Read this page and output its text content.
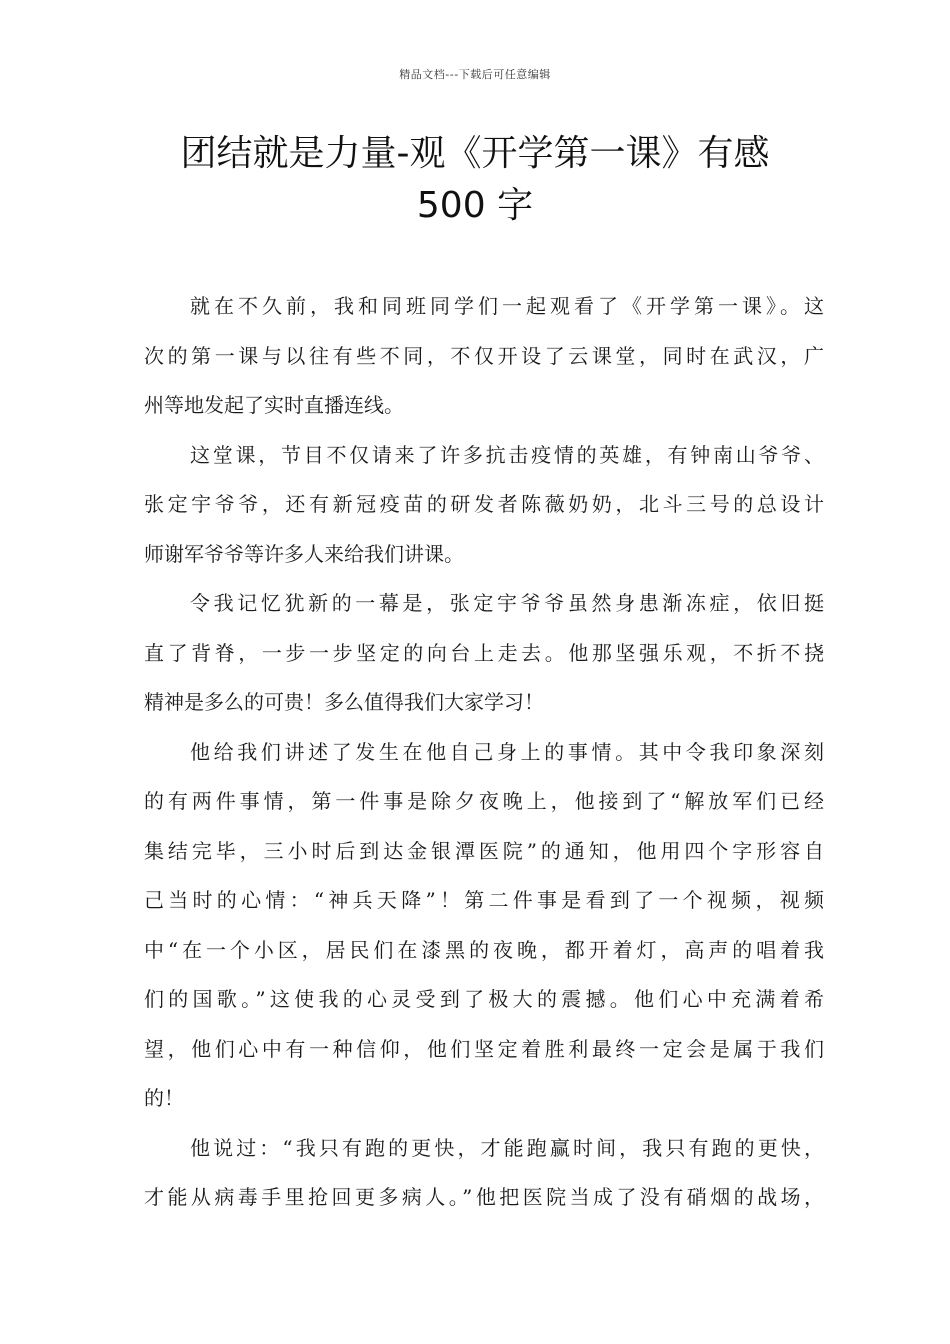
精品文档---下载后可任意编辑
团结就是力量-观《开学第一课》有感
500 字
就在不久前，我和同班同学们一起观看了《开学第一课》。这
次的第一课与以往有些不同，不仅开设了云课堂，同时在武汉，广
州等地发起了实时直播连线。
这堂课，节目不仅请来了许多抗击疫情的英雄，有钟南山爷爷、
张定宇爷爷，还有新冠疫苗的研发者陈薇奶奶，北斗三号的总设计
师谢军爷爷等许多人来给我们讲课。
令我记忆犹新的一幕是，张定宇爷爷虽然身患渐冻症，依旧挺
直了背脊，一步一步坚定的向台上走去。他那坚强乐观，不折不挠
精神是多么的可贵！多么值得我们大家学习！
他给我们讲述了发生在他自己身上的事情。其中令我印象深刻
的有两件事情，第一件事是除夕夜晚上，他接到了“解放军们已经
集结完毕，三小时后到达金银潭医院”的通知，他用四个字形容自
己当时的心情：“神兵天降”！第二件事是看到了一个视频，视频
中“在一个小区，居民们在漆黑的夜晚，都开着灯，高声的唱着我
们的国歌。”这使我的心灵受到了极大的震撼。他们心中充满着希
望，他们心中有一种信仰，他们坚定着胜利最终一定会是属于我们
的！
他说过：“我只有跑的更快，才能跑赢时间，我只有跑的更快，
才能从病毒手里抢回更多病人。”他把医院当成了没有硝烟的战场，
